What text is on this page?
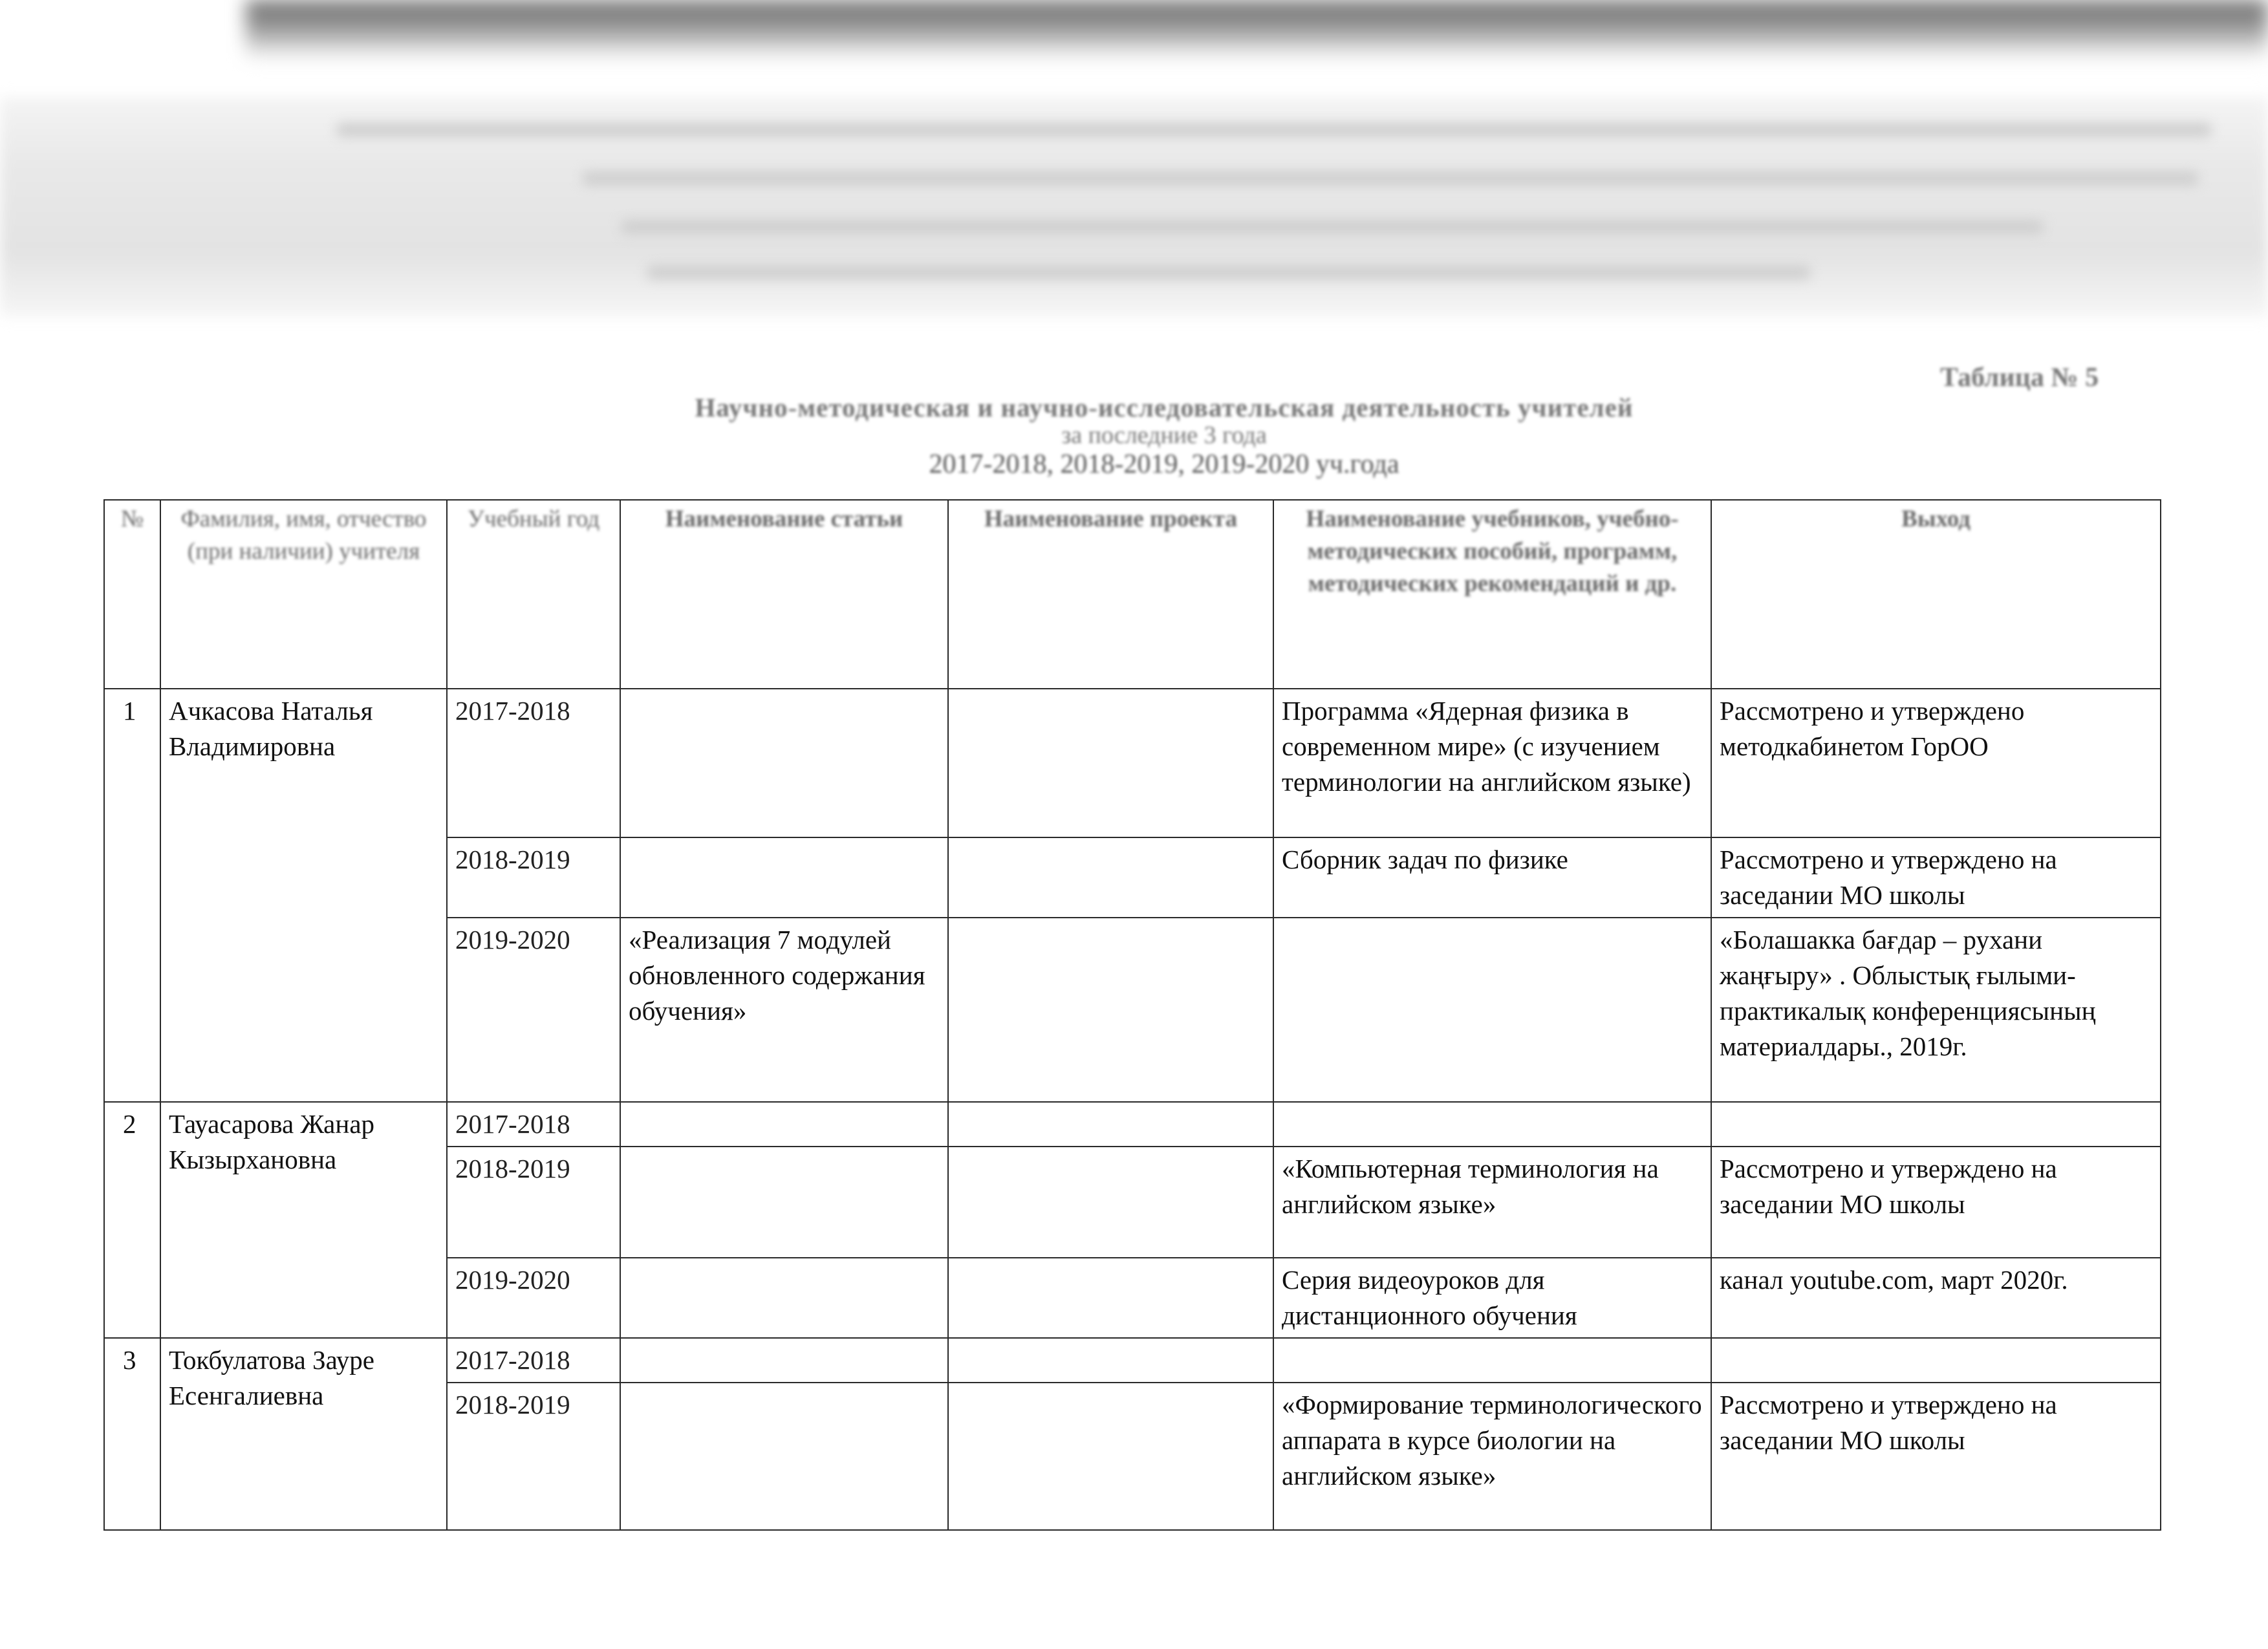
Таблица № 5
Научно-методическая и научно-исследовательская деятельность учителей
за последние 3 года
2017-2018, 2018-2019, 2019-2020 уч.года
№	Фамилия, имя, отчество (при наличии) учителя	Учебный год	Наименование статьи	Наименование проекта	Наименование учебников, учебно-методических пособий, программ, методических рекомендаций и др.	Выход
1	Ачкасова Наталья Владимировна	2017-2018			Программа «Ядерная физика в современном мире» (с изучением терминологии на английском языке)	Рассмотрено и утверждено методкабинетом ГорОО
		2018-2019			Сборник задач по физике	Рассмотрено и утверждено на заседании МО школы
		2019-2020	«Реализация 7 модулей обновленного содержания обучения»			«Болашакка бағдар – рухани жаңғыру» . Облыстық ғылыми-практикалық конференциясының материалдары., 2019г.
2	Тауасарова Жанар Кызырхановна	2017-2018				
		2018-2019			«Компьютерная терминология на английском языке»	Рассмотрено и утверждено на заседании МО школы
		2019-2020			Серия видеоуроков для дистанционного обучения	канал youtube.com, март 2020г.
3	Токбулатова Зауре Есенгалиевна	2017-2018				
		2018-2019			«Формирование терминологического аппарата в курсе биологии на английском языке»	Рассмотрено и утверждено на заседании МО школы
